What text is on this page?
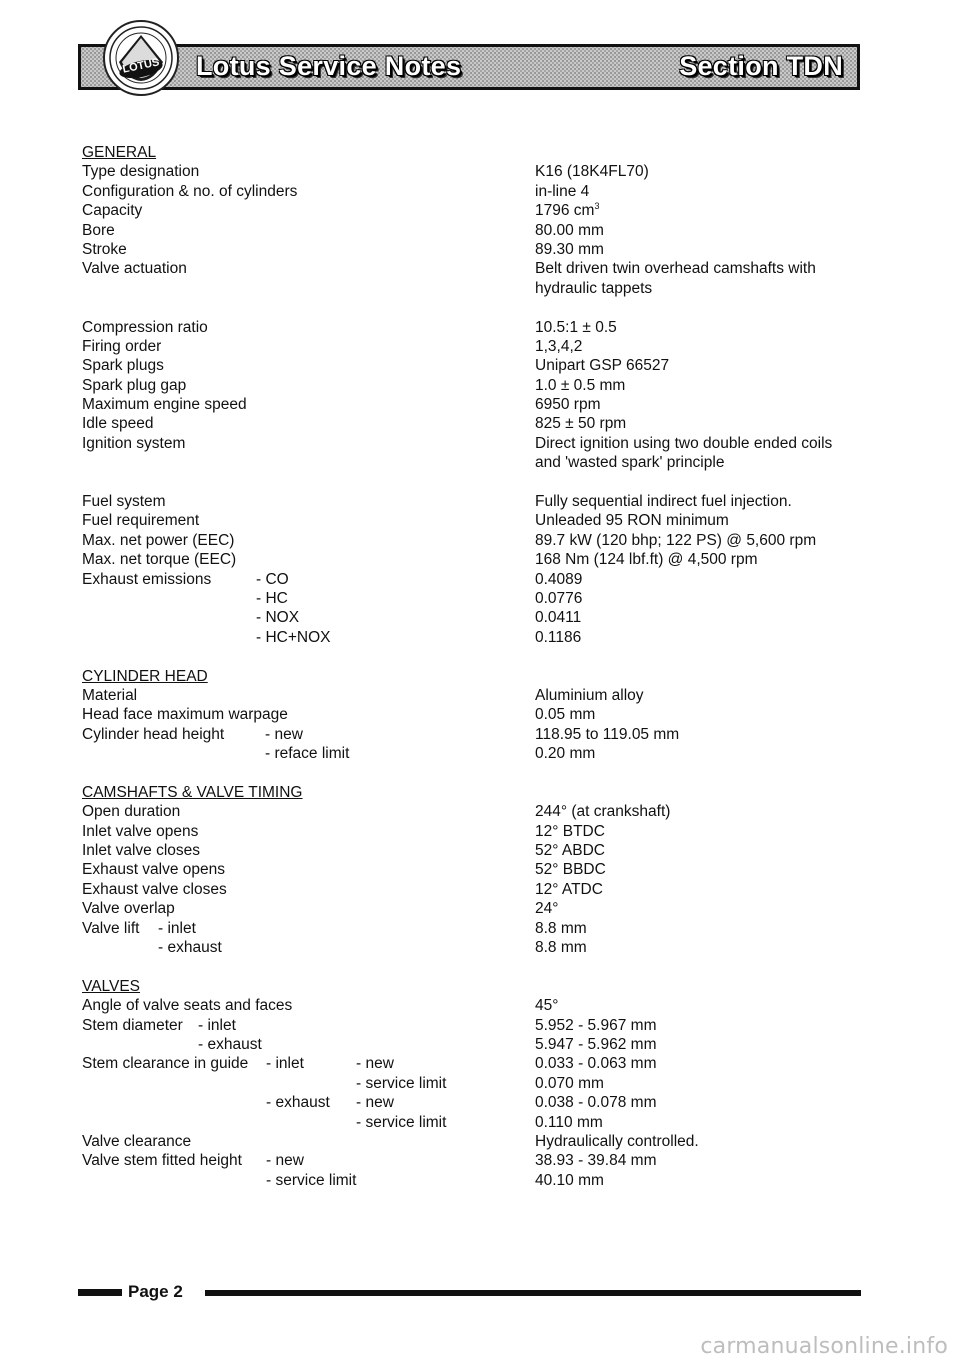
Lotus Service Notes	Section TDN
LOTUS
GENERAL
Type designation	K16 (18K4FL70)
Configuration & no. of cylinders	in-line 4
Capacity	1796 $cm^3$
Bore	80.00 mm
Stroke	89.30 mm
Valve actuation	Belt driven twin overhead camshafts with
hydraulic tappets
Compression ratio	10.5:1 ± 0.5
Firing order	1,3,4,2
Spark plugs	Unipart GSP 66527
Spark plug gap	1.0 ± 0.5 mm
Maximum engine speed	6950 rpm
Idle speed	825 ± 50 rpm
Ignition system	Direct ignition using two double ended coils
and 'wasted spark' principle
Fuel system	Fully sequential indirect fuel injection.
Fuel requirement	Unleaded 95 RON minimum
Max. net power (EEC)	89.7 kW (120 bhp; 122 PS) @ 5,600 rpm
Max. net torque (EEC)	168 Nm (124 lbf.ft) @ 4,500 rpm
Exhaust emissions	- CO	0.4089
- HC	0.0776
- NOX	0.0411
- HC+NOX	0.1186
CYLINDER HEAD
Material	Aluminium alloy
Head face maximum warpage	0.05 mm
Cylinder head height	- new	118.95 to 119.05 mm
- reface limit	0.20 mm
CAMSHAFTS & VALVE TIMING
Open duration	244° (at crankshaft)
Inlet valve opens	12° BTDC
Inlet valve closes	52° ABDC
Exhaust valve opens	52° BBDC
Exhaust valve closes	12° ATDC
Valve overlap	24°
Valve lift - inlet	8.8 mm
- exhaust	8.8 mm
VALVES
Angle of valve seats and faces	45°
Stem diameter - inlet	5.952 - 5.967 mm
- exhaust	5.947 - 5.962 mm
Stem clearance in guide - inlet	- new	0.033 - 0.063 mm
- service limit	0.070 mm
- exhaust - new	0.038 - 0.078 mm
- service limit	0.110 mm
Valve clearance	Hydraulically controlled.
Valve stem fitted height - new	38.93 - 39.84 mm
- service limit	40.10 mm
Page 2
carmanualsonline.info
